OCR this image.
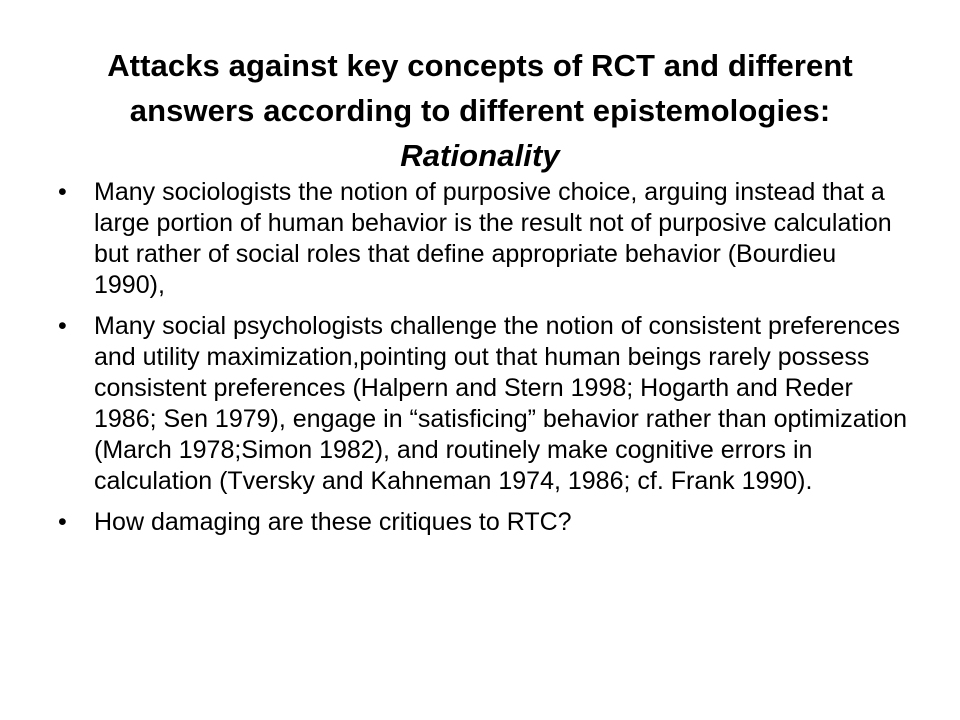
Attacks against key concepts of RCT and different
answers according to different epistemologies:
Rationality
•	Many sociologists the notion of purposive choice, arguing instead that a large portion of human behavior is the result not of purposive calculation but rather of social roles that define appropriate behavior (Bourdieu 1990),
•	Many social psychologists challenge the notion of consistent preferences and utility maximization,pointing out that human beings rarely possess consistent preferences (Halpern and Stern 1998; Hogarth and Reder 1986; Sen 1979), engage in “satisficing” behavior rather than optimization (March 1978;Simon 1982), and routinely make cognitive errors in calculation (Tversky and Kahneman 1974, 1986; cf. Frank 1990).
•	How damaging are these critiques to RTC?
